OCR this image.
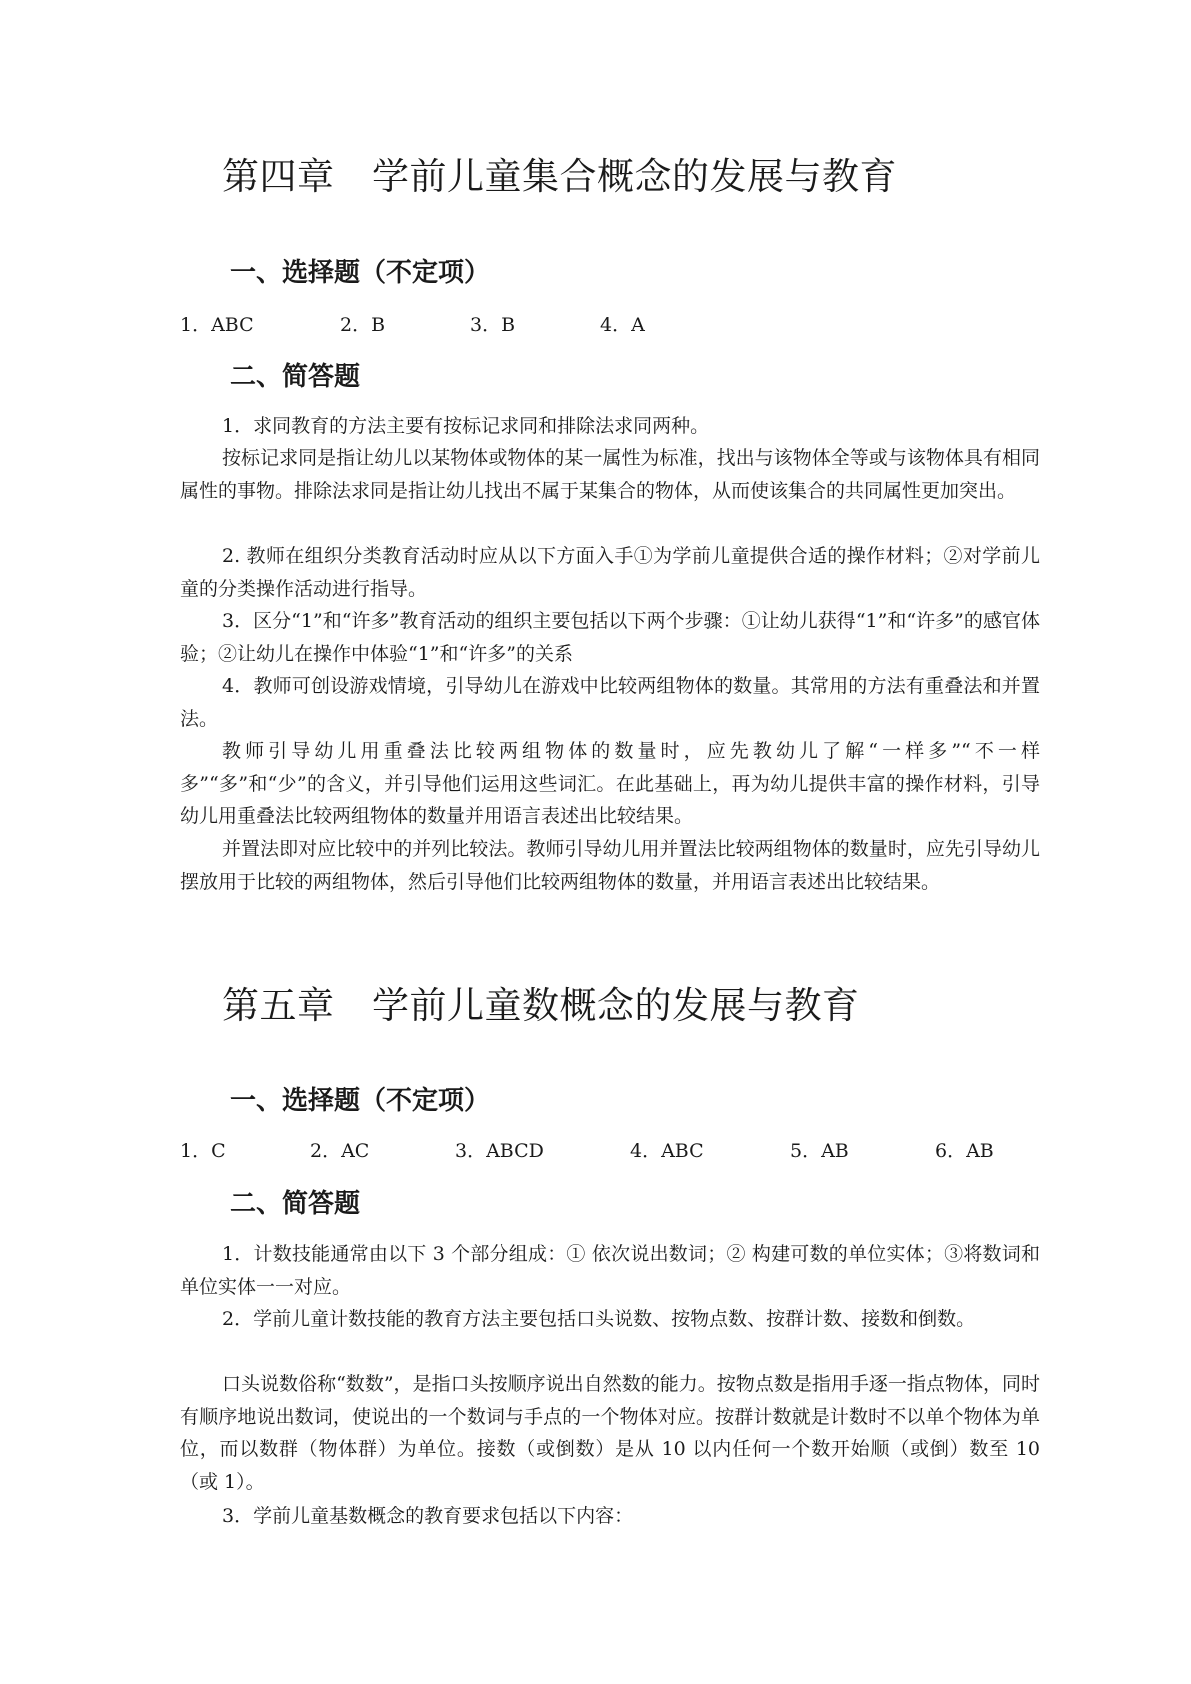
第四章　学前儿童集合概念的发展与教育
一、选择题（不定项）
1．ABC	2．B	3．B	4．A
二、简答题

1．求同教育的方法主要有按标记求同和排除法求同两种。

按标记求同是指让幼儿以某物体或物体的某一属性为标准，找出与该物体全等或与该物体具有相同属性的事物。排除法求同是指让幼儿找出不属于某集合的物体，从而使该集合的共同属性更加突出。

2. 教师在组织分类教育活动时应从以下方面入手①为学前儿童提供合适的操作材料；②对学前儿童的分类操作活动进行指导。

3．区分“1”和“许多”教育活动的组织主要包括以下两个步骤：①让幼儿获得“1”和“许多”的感官体验；②让幼儿在操作中体验“1”和“许多”的关系

4．教师可创设游戏情境，引导幼儿在游戏中比较两组物体的数量。其常用的方法有重叠法和并置法。

教师引导幼儿用重叠法比较两组物体的数量时，应先教幼儿了解“一样多”“不一样多”“多”和“少”的含义，并引导他们运用这些词汇。在此基础上，再为幼儿提供丰富的操作材料，引导幼儿用重叠法比较两组物体的数量并用语言表述出比较结果。

并置法即对应比较中的并列比较法。教师引导幼儿用并置法比较两组物体的数量时，应先引导幼儿摆放用于比较的两组物体，然后引导他们比较两组物体的数量，并用语言表述出比较结果。

第五章　学前儿童数概念的发展与教育
一、选择题（不定项）
1．C	2．AC	3．ABCD	4．ABC	5．AB	6．AB
二、简答题

1．计数技能通常由以下 3 个部分组成：① 依次说出数词；② 构建可数的单位实体；③将数词和单位实体一一对应。

2．学前儿童计数技能的教育方法主要包括口头说数、按物点数、按群计数、接数和倒数。

口头说数俗称“数数”，是指口头按顺序说出自然数的能力。按物点数是指用手逐一指点物体，同时有顺序地说出数词，使说出的一个数词与手点的一个物体对应。按群计数就是计数时不以单个物体为单位，而以数群（物体群）为单位。接数（或倒数）是从 10 以内任何一个数开始顺（或倒）数至 10（或 1）。

3．学前儿童基数概念的教育要求包括以下内容：
